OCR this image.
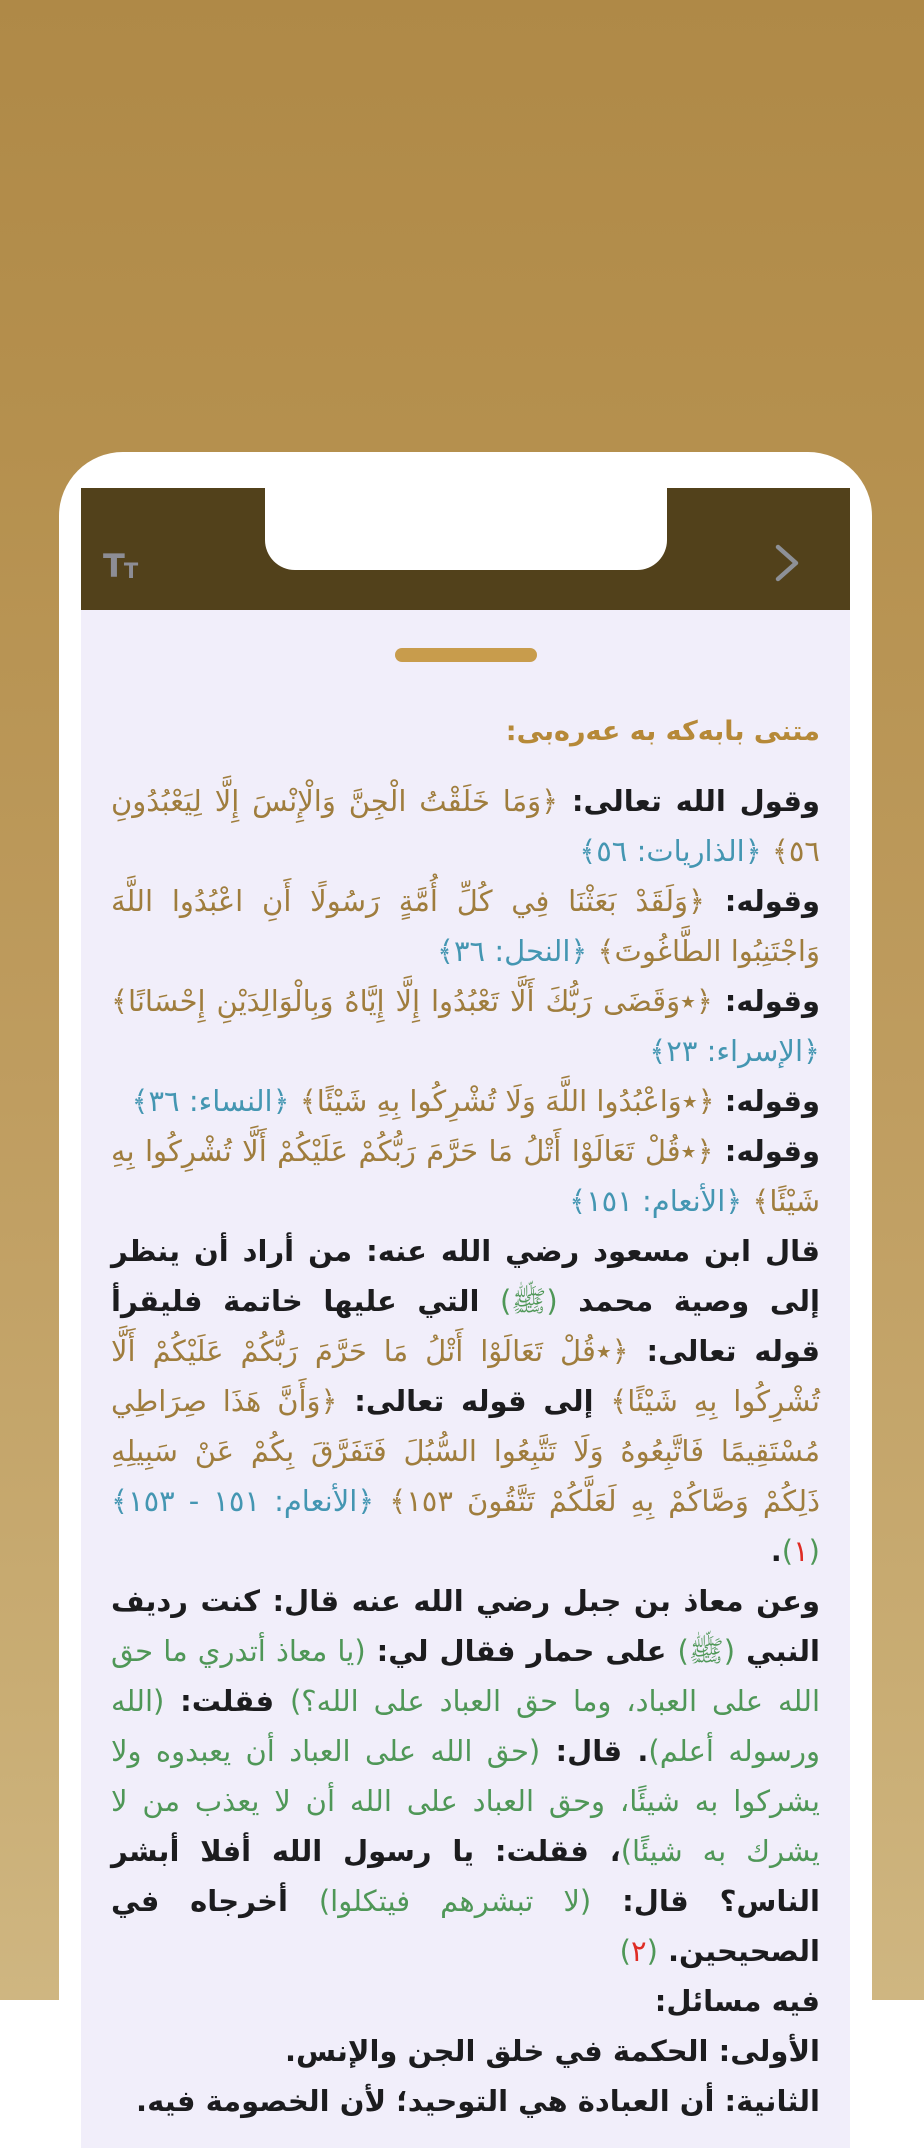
T T
متنی بابەکە بە عەرەبی:

وقول الله تعالى: ﴿وَمَا خَلَقْتُ الْجِنَّ وَالْإِنْسَ إِلَّا لِيَعْبُدُونِ ٥٦﴾ ﴿الذاريات: ٥٦﴾

وقوله: ﴿وَلَقَدْ بَعَثْنَا فِي كُلِّ أُمَّةٍ رَسُولًا أَنِ اعْبُدُوا اللَّهَ وَاجْتَنِبُوا الطَّاغُوتَ﴾ ﴿النحل: ٣٦﴾

وقوله: ﴿٭وَقَضَى رَبُّكَ أَلَّا تَعْبُدُوا إِلَّا إِيَّاهُ وَبِالْوَالِدَيْنِ إِحْسَانًا﴾ ﴿الإسراء: ٢٣﴾

وقوله: ﴿٭وَاعْبُدُوا اللَّهَ وَلَا تُشْرِكُوا بِهِ شَيْئًا﴾ ﴿النساء: ٣٦﴾

وقوله: ﴿٭قُلْ تَعَالَوْا أَتْلُ مَا حَرَّمَ رَبُّكُمْ عَلَيْكُمْ أَلَّا تُشْرِكُوا بِهِ شَيْئًا﴾ ﴿الأنعام: ١٥١﴾

قال ابن مسعود رضي الله عنه: من أراد أن ينظر إلى وصية محمد (ﷺ) التي عليها خاتمة فليقرأ قوله تعالى: ﴿٭قُلْ تَعَالَوْا أَتْلُ مَا حَرَّمَ رَبُّكُمْ عَلَيْكُمْ أَلَّا تُشْرِكُوا بِهِ شَيْئًا﴾ إلى قوله تعالى: ﴿وَأَنَّ هَذَا صِرَاطِي مُسْتَقِيمًا فَاتَّبِعُوهُ وَلَا تَتَّبِعُوا السُّبُلَ فَتَفَرَّقَ بِكُمْ عَنْ سَبِيلِهِ ذَلِكُمْ وَصَّاكُمْ بِهِ لَعَلَّكُمْ تَتَّقُونَ ١٥٣﴾ ﴿الأنعام: ١٥١ - ١٥٣﴾ (١).

وعن معاذ بن جبل رضي الله عنه قال: كنت رديف النبي (ﷺ) على حمار فقال لي: (يا معاذ أتدري ما حق الله على العباد، وما حق العباد على الله؟) فقلت: (الله ورسوله أعلم). قال: (حق الله على العباد أن يعبدوه ولا يشركوا به شيئًا، وحق العباد على الله أن لا يعذب من لا يشرك به شيئًا)، فقلت: يا رسول الله أفلا أبشر الناس؟ قال: (لا تبشرهم فيتكلوا) أخرجاه في الصحيحين. (٢)

فيه مسائل:

الأولى: الحكمة في خلق الجن والإنس.

الثانية: أن العبادة هي التوحيد؛ لأن الخصومة فيه.
